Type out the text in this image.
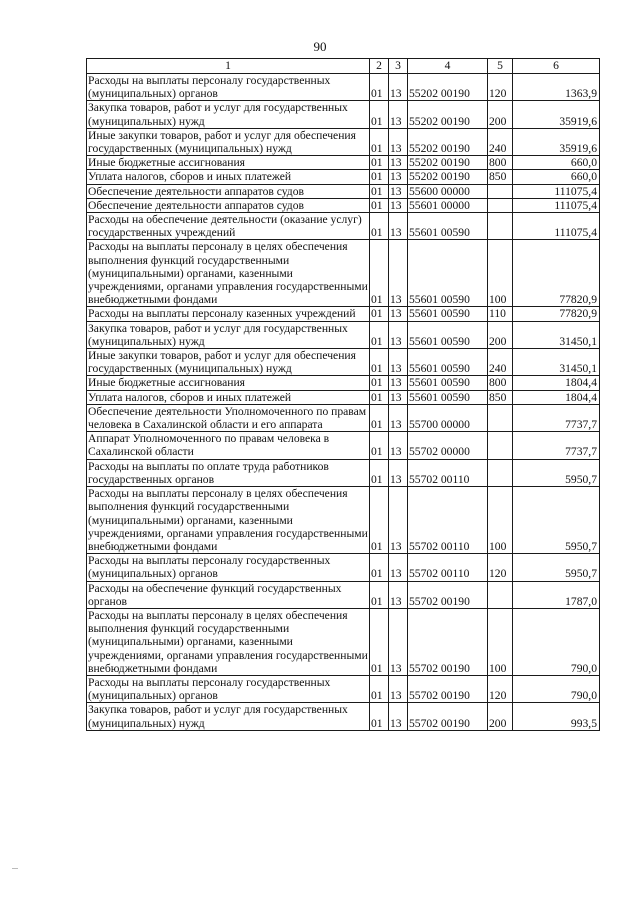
90
1	2	3	4	5	6
Расходы на выплаты персоналу государственных (муниципальных) органов	01	13	55202 00190	120	1363,9
Закупка товаров, работ и услуг для государственных (муниципальных) нужд	01	13	55202 00190	200	35919,6
Иные закупки товаров, работ и услуг для обеспечения государственных (муниципальных) нужд	01	13	55202 00190	240	35919,6
Иные бюджетные ассигнования	01	13	55202 00190	800	660,0
Уплата налогов, сборов и иных платежей	01	13	55202 00190	850	660,0
Обеспечение деятельности аппаратов судов	01	13	55600 00000		111075,4
Обеспечение деятельности аппаратов судов	01	13	55601 00000		111075,4
Расходы на обеспечение деятельности (оказание услуг) государственных учреждений	01	13	55601 00590		111075,4
Расходы на выплаты персоналу в целях обеспечения выполнения функций государственными (муниципальными) органами, казенными учреждениями, органами управления государственными внебюджетными фондами	01	13	55601 00590	100	77820,9
Расходы на выплаты персоналу казенных учреждений	01	13	55601 00590	110	77820,9
Закупка товаров, работ и услуг для государственных (муниципальных) нужд	01	13	55601 00590	200	31450,1
Иные закупки товаров, работ и услуг для обеспечения государственных (муниципальных) нужд	01	13	55601 00590	240	31450,1
Иные бюджетные ассигнования	01	13	55601 00590	800	1804,4
Уплата налогов, сборов и иных платежей	01	13	55601 00590	850	1804,4
Обеспечение деятельности Уполномоченного по правам человека в Сахалинской области и его аппарата	01	13	55700 00000		7737,7
Аппарат Уполномоченного по правам человека в Сахалинской области	01	13	55702 00000		7737,7
Расходы на выплаты по оплате труда работников государственных органов	01	13	55702 00110		5950,7
Расходы на выплаты персоналу в целях обеспечения выполнения функций государственными (муниципальными) органами, казенными учреждениями, органами управления государственными внебюджетными фондами	01	13	55702 00110	100	5950,7
Расходы на выплаты персоналу государственных (муниципальных) органов	01	13	55702 00110	120	5950,7
Расходы на обеспечение функций государственных органов	01	13	55702 00190		1787,0
Расходы на выплаты персоналу в целях обеспечения выполнения функций государственными (муниципальными) органами, казенными учреждениями, органами управления государственными внебюджетными фондами	01	13	55702 00190	100	790,0
Расходы на выплаты персоналу государственных (муниципальных) органов	01	13	55702 00190	120	790,0
Закупка товаров, работ и услуг для государственных (муниципальных) нужд	01	13	55702 00190	200	993,5
